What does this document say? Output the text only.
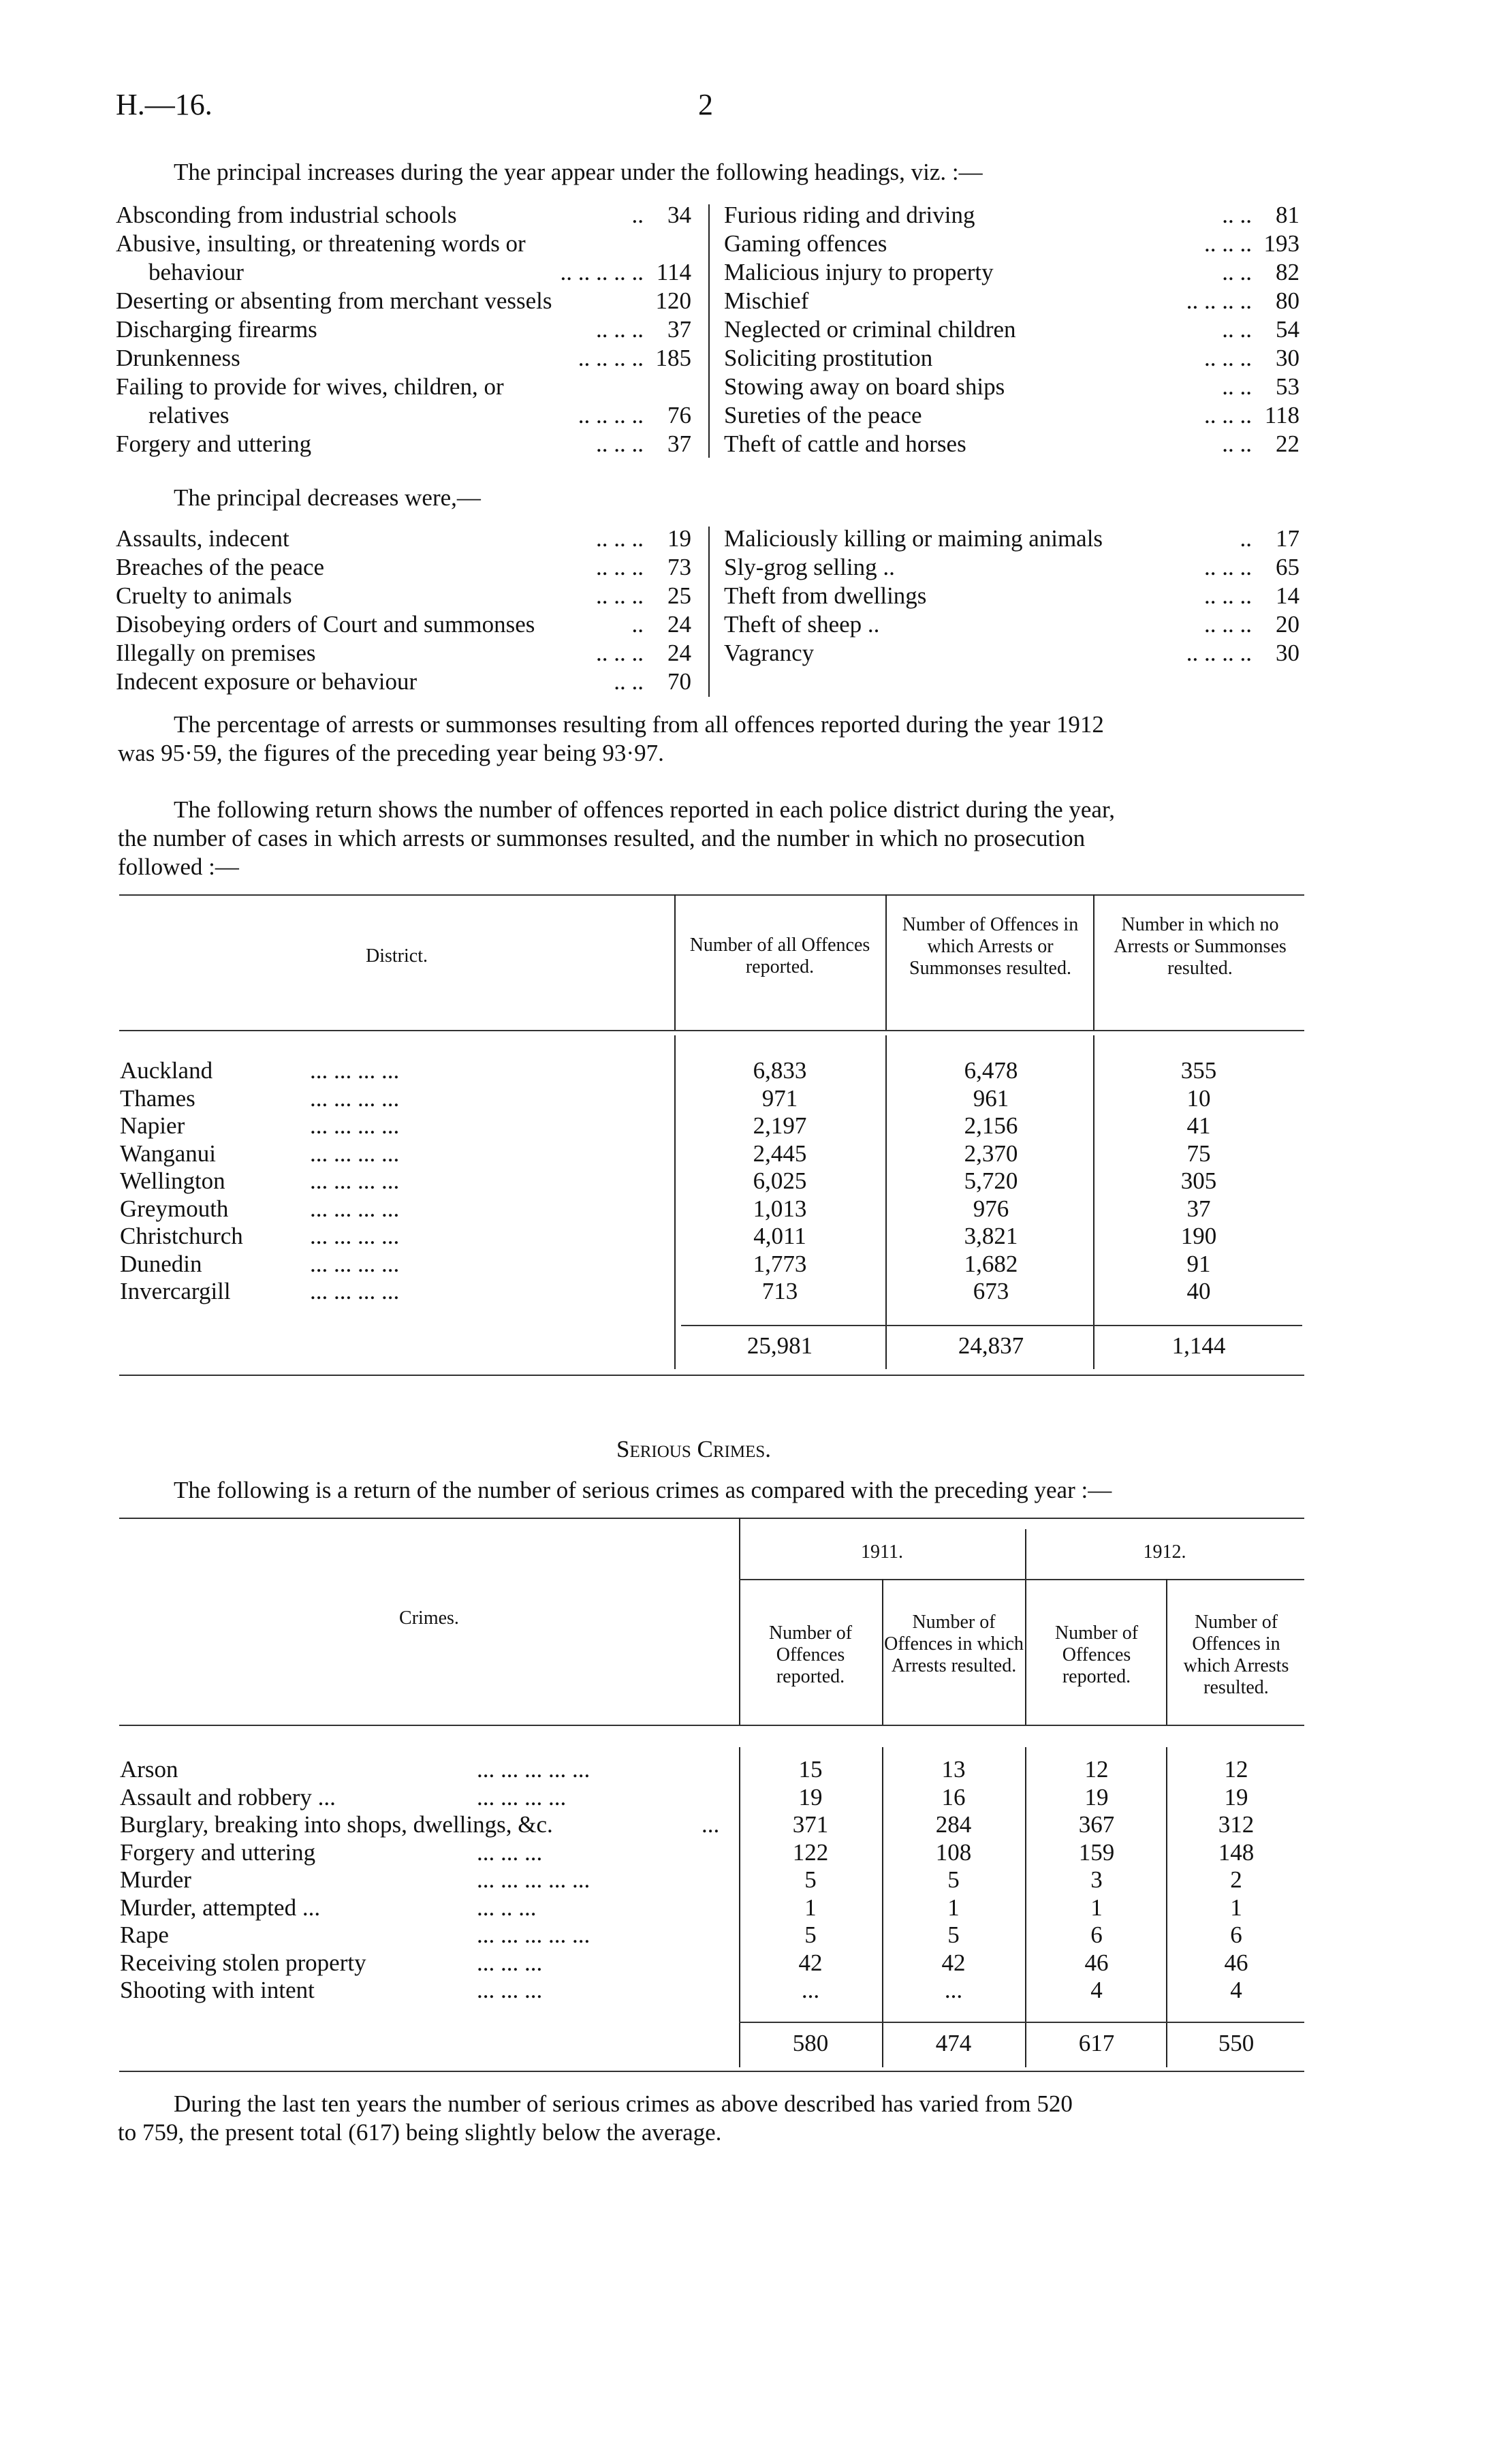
H.—16.	2
The principal increases during the year appear under the following headings, viz. :—
Absconding from industrial schools	..	34
Abusive, insulting, or threatening words or
behaviour	.. .. .. .. .. 114
Deserting or absenting from merchant vessels	120
Discharging firearms	.. .. ..	37
Drunkenness	.. .. .. .. 185
Failing to provide for wives, children, or
relatives	.. .. .. ..	76
Forgery and uttering	.. .. ..	37
Furious riding and driving	.. ..	81
Gaming offences	.. .. .. 193
Malicious injury to property	.. ..	82
Mischief	.. .. .. ..	80
Neglected or criminal children	.. ..	54
Soliciting prostitution	.. .. ..	30
Stowing away on board ships	.. ..	53
Sureties of the peace	.. .. .. 118
Theft of cattle and horses	.. ..	22
The principal decreases were,—
Assaults, indecent	.. .. ..	19
Breaches of the peace	.. .. ..	73
Cruelty to animals	.. .. ..	25
Disobeying orders of Court and summonses	..	24
Illegally on premises	.. .. ..	24
Indecent exposure or behaviour	.. ..	70
Maliciously killing or maiming animals	..	17
Sly-grog selling ..	.. .. ..	65
Theft from dwellings	.. .. ..	14
Theft of sheep ..	.. .. ..	20
Vagrancy	.. .. .. ..	30
The percentage of arrests or summonses resulting from all offences reported during the year 1912
was 95·59, the figures of the preceding year being 93·97.
The following return shows the number of offences reported in each police district during the year,
the number of cases in which arrests or summonses resulted, and the number in which no prosecution
followed :—
District.
Number of all Offences reported.
Number of Offences in which Arrests or Summonses resulted.
Number in which no Arrests or Summonses resulted.
Auckland	... ... ... ...	6,833	6,478	355
Thames	... ... ... ...	971	961	10
Napier	... ... ... ...	2,197	2,156	41
Wanganui	... ... ... ...	2,445	2,370	75
Wellington	... ... ... ...	6,025	5,720	305
Greymouth	... ... ... ...	1,013	976	37
Christchurch	... ... ... ...	4,011	3,821	190
Dunedin	... ... ... ...	1,773	1,682	91
Invercargill	... ... ... ...	713	673	40
25,981	24,837	1,144
Serious Crimes.
The following is a return of the number of serious crimes as compared with the preceding year :—
Crimes.
1911.	1912.
Number of Offences reported.
Number of Offences in which Arrests resulted.
Number of Offences reported.
Number of Offences in which Arrests resulted.
Arson	... ... ... ... ...	15	13	12	12
Assault and robbery ...	... ... ... ...	19	16	19	19
Burglary, breaking into shops, dwellings, &c.	...	371	284	367	312
Forgery and uttering	... ... ...	122	108	159	148
Murder	... ... ... ... ...	5	5	3	2
Murder, attempted ...	... .. ...	1	1	1	1
Rape	... ... ... ... ...	5	5	6	6
Receiving stolen property	... ... ...	42	42	46	46
Shooting with intent	... ... ...	...	...	4	4
580	474	617	550
During the last ten years the number of serious crimes as above described has varied from 520
to 759, the present total (617) being slightly below the average.
